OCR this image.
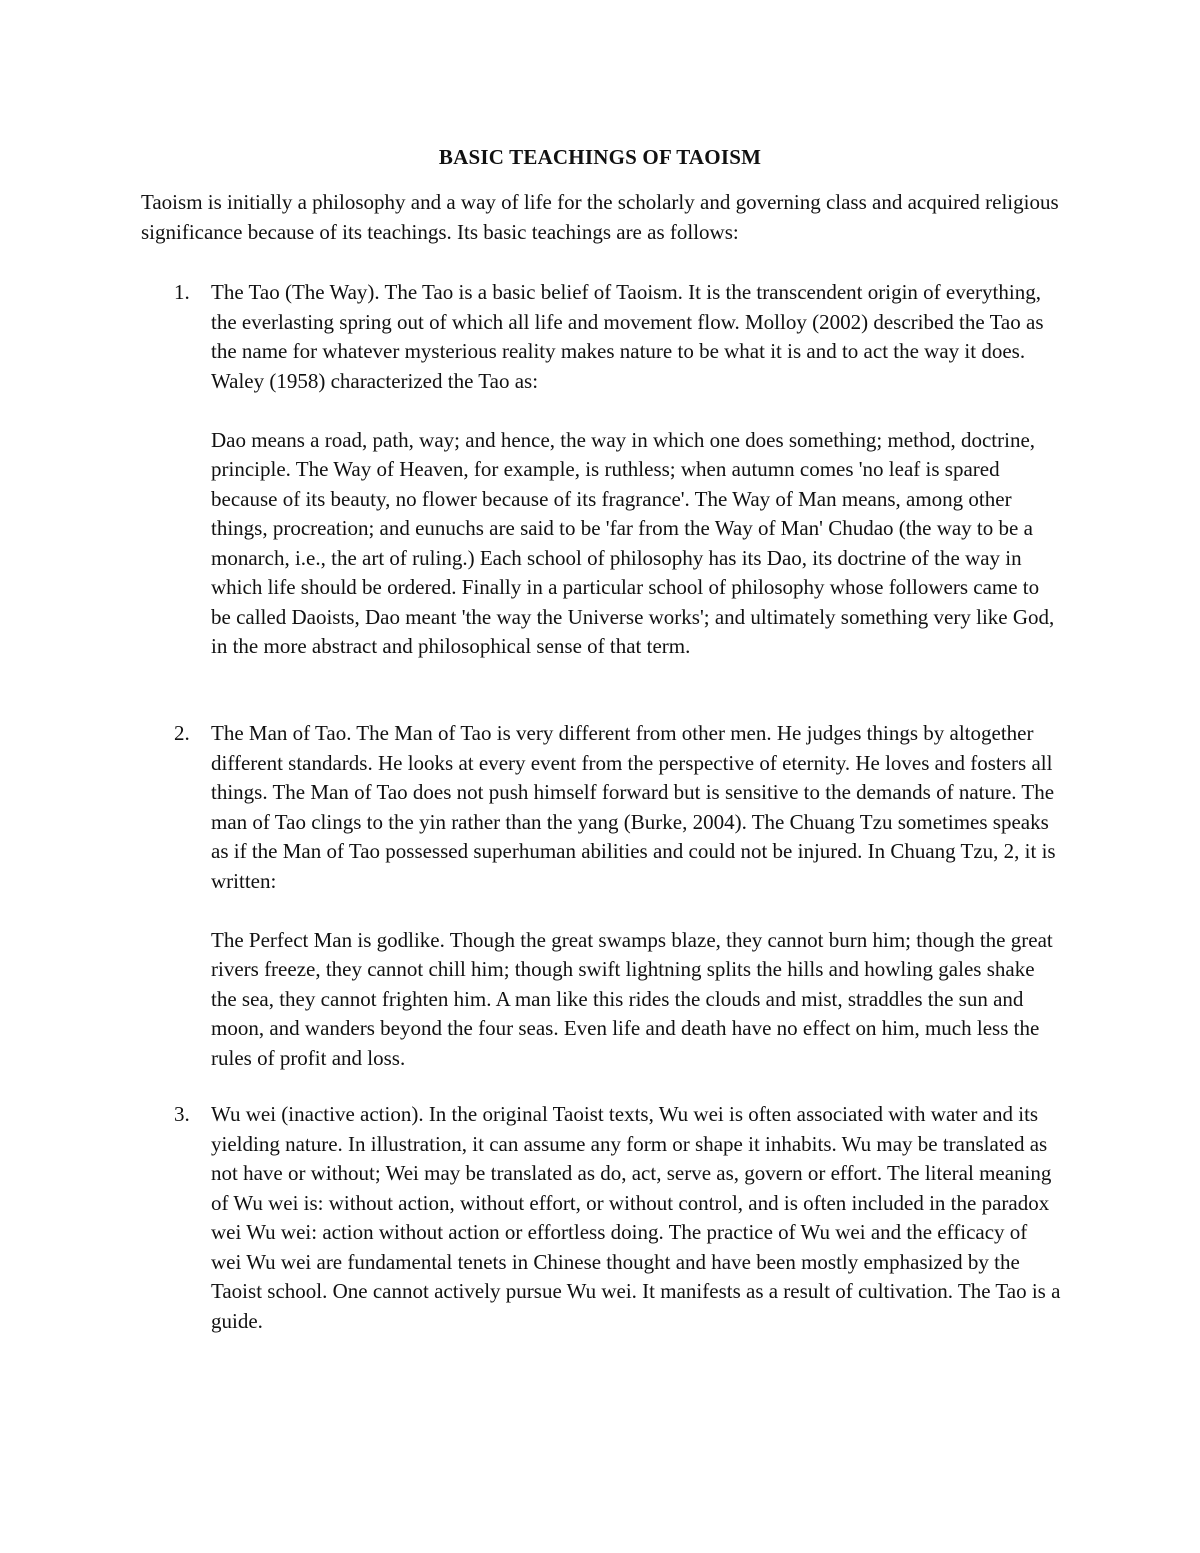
BASIC TEACHINGS OF TAOISM

Taoism is initially a philosophy and a way of life for the scholarly and governing class and acquired religious significance because of its teachings. Its basic teachings are as follows:

1. The Tao (The Way). The Tao is a basic belief of Taoism. It is the transcendent origin of everything, the everlasting spring out of which all life and movement flow. Molloy (2002) described the Tao as the name for whatever mysterious reality makes nature to be what it is and to act the way it does. Waley (1958) characterized the Tao as:

Dao means a road, path, way; and hence, the way in which one does something; method, doctrine, principle. The Way of Heaven, for example, is ruthless; when autumn comes 'no leaf is spared because of its beauty, no flower because of its fragrance'. The Way of Man means, among other things, procreation; and eunuchs are said to be 'far from the Way of Man' Chudao (the way to be a monarch, i.e., the art of ruling.) Each school of philosophy has its Dao, its doctrine of the way in which life should be ordered. Finally in a particular school of philosophy whose followers came to be called Daoists, Dao meant 'the way the Universe works'; and ultimately something very like God, in the more abstract and philosophical sense of that term.

2. The Man of Tao. The Man of Tao is very different from other men. He judges things by altogether different standards. He looks at every event from the perspective of eternity. He loves and fosters all things. The Man of Tao does not push himself forward but is sensitive to the demands of nature. The man of Tao clings to the yin rather than the yang (Burke, 2004). The Chuang Tzu sometimes speaks as if the Man of Tao possessed superhuman abilities and could not be injured. In Chuang Tzu, 2, it is written:

The Perfect Man is godlike. Though the great swamps blaze, they cannot burn him; though the great rivers freeze, they cannot chill him; though swift lightning splits the hills and howling gales shake the sea, they cannot frighten him. A man like this rides the clouds and mist, straddles the sun and moon, and wanders beyond the four seas. Even life and death have no effect on him, much less the rules of profit and loss.

3. Wu wei (inactive action). In the original Taoist texts, Wu wei is often associated with water and its yielding nature. In illustration, it can assume any form or shape it inhabits. Wu may be translated as not have or without; Wei may be translated as do, act, serve as, govern or effort. The literal meaning of Wu wei is: without action, without effort, or without control, and is often included in the paradox wei Wu wei: action without action or effortless doing. The practice of Wu wei and the efficacy of wei Wu wei are fundamental tenets in Chinese thought and have been mostly emphasized by the Taoist school. One cannot actively pursue Wu wei. It manifests as a result of cultivation. The Tao is a guide.
